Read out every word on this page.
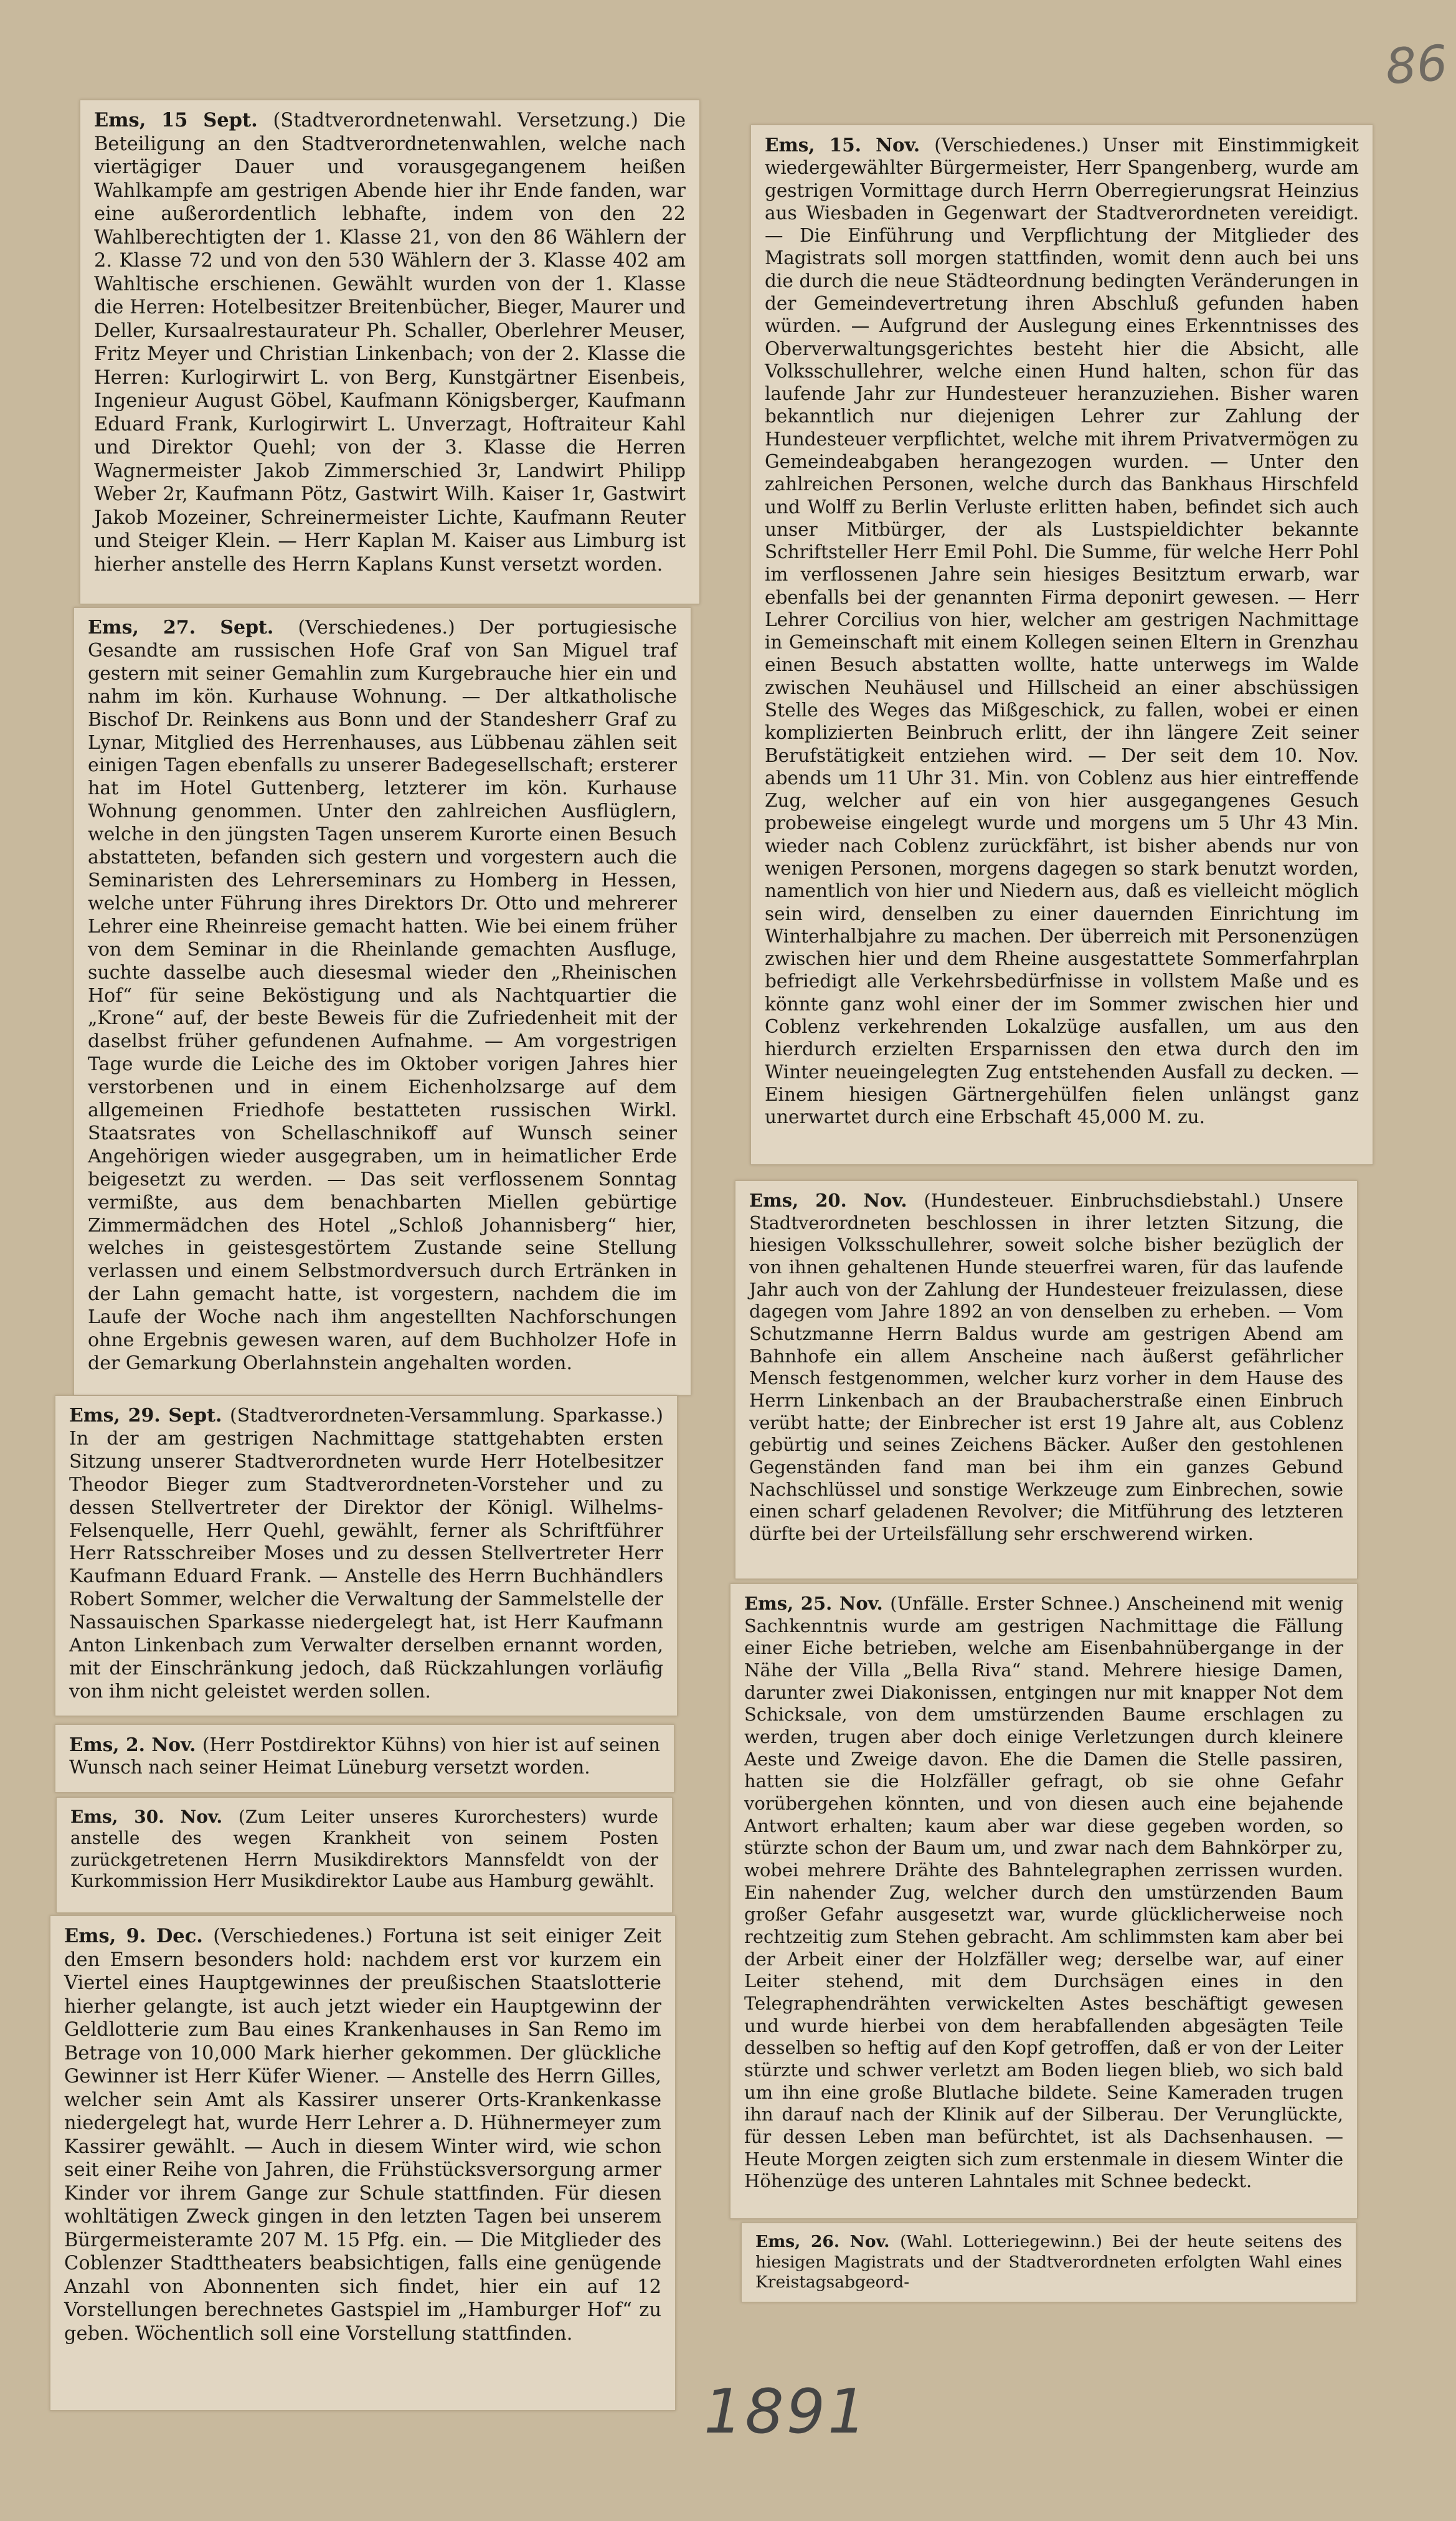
86
Ems, 15 Sept. (Stadtverordnetenwahl. Versetzung.) Die Beteiligung an den Stadtverordnetenwahlen, welche nach viertägiger Dauer und vorausgegangenem heißen Wahlkampfe am gestrigen Abende hier ihr Ende fanden, war eine außerordentlich lebhafte, indem von den 22 Wahlberechtigten der 1. Klasse 21, von den 86 Wählern der 2. Klasse 72 und von den 530 Wählern der 3. Klasse 402 am Wahltische erschienen. Gewählt wurden von der 1. Klasse die Herren: Hotelbesitzer Breitenbücher, Bieger, Maurer und Deller, Kursaalrestaurateur Ph. Schaller, Oberlehrer Meuser, Fritz Meyer und Christian Linkenbach; von der 2. Klasse die Herren: Kurlogirwirt L. von Berg, Kunstgärtner Eisenbeis, Ingenieur August Göbel, Kaufmann Königsberger, Kaufmann Eduard Frank, Kurlogirwirt L. Unverzagt, Hoftraiteur Kahl und Direktor Quehl; von der 3. Klasse die Herren Wagnermeister Jakob Zimmerschied 3r, Landwirt Philipp Weber 2r, Kaufmann Pötz, Gastwirt Wilh. Kaiser 1r, Gastwirt Jakob Mozeiner, Schreinermeister Lichte, Kaufmann Reuter und Steiger Klein. — Herr Kaplan M. Kaiser aus Limburg ist hierher anstelle des Herrn Kaplans Kunst versetzt worden.
Ems, 27. Sept. (Verschiedenes.) Der portugiesische Gesandte am russischen Hofe Graf von San Miguel traf gestern mit seiner Gemahlin zum Kurgebrauche hier ein und nahm im kön. Kurhause Wohnung. — Der altkatholische Bischof Dr. Reinkens aus Bonn und der Standesherr Graf zu Lynar, Mitglied des Herrenhauses, aus Lübbenau zählen seit einigen Tagen ebenfalls zu unserer Badegesellschaft; ersterer hat im Hotel Guttenberg, letzterer im kön. Kurhause Wohnung genommen. Unter den zahlreichen Ausflüglern, welche in den jüngsten Tagen unserem Kurorte einen Besuch abstatteten, befanden sich gestern und vorgestern auch die Seminaristen des Lehrerseminars zu Homberg in Hessen, welche unter Führung ihres Direktors Dr. Otto und mehrerer Lehrer eine Rheinreise gemacht hatten. Wie bei einem früher von dem Seminar in die Rheinlande gemachten Ausfluge, suchte dasselbe auch diesesmal wieder den „Rheinischen Hof“ für seine Beköstigung und als Nachtquartier die „Krone“ auf, der beste Beweis für die Zufriedenheit mit der daselbst früher gefundenen Aufnahme. — Am vorgestrigen Tage wurde die Leiche des im Oktober vorigen Jahres hier verstorbenen und in einem Eichenholzsarge auf dem allgemeinen Friedhofe bestatteten russischen Wirkl. Staatsrates von Schellaschnikoff auf Wunsch seiner Angehörigen wieder ausgegraben, um in heimatlicher Erde beigesetzt zu werden. — Das seit verflossenem Sonntag vermißte, aus dem benachbarten Miellen gebürtige Zimmermädchen des Hotel „Schloß Johannisberg“ hier, welches in geistesgestörtem Zustande seine Stellung verlassen und einem Selbstmordversuch durch Ertränken in der Lahn gemacht hatte, ist vorgestern, nachdem die im Laufe der Woche nach ihm angestellten Nachforschungen ohne Ergebnis gewesen waren, auf dem Buchholzer Hofe in der Gemarkung Oberlahnstein angehalten worden.
Ems, 29. Sept. (Stadtverordneten-Versammlung. Sparkasse.) In der am gestrigen Nachmittage stattgehabten ersten Sitzung unserer Stadtverordneten wurde Herr Hotelbesitzer Theodor Bieger zum Stadtverordneten-Vorsteher und zu dessen Stellvertreter der Direktor der Königl. Wilhelms-Felsenquelle, Herr Quehl, gewählt, ferner als Schriftführer Herr Ratsschreiber Moses und zu dessen Stellvertreter Herr Kaufmann Eduard Frank. — Anstelle des Herrn Buchhändlers Robert Sommer, welcher die Verwaltung der Sammelstelle der Nassauischen Sparkasse niedergelegt hat, ist Herr Kaufmann Anton Linkenbach zum Verwalter derselben ernannt worden, mit der Einschränkung jedoch, daß Rückzahlungen vorläufig von ihm nicht geleistet werden sollen.
Ems, 2. Nov. (Herr Postdirektor Kühns) von hier ist auf seinen Wunsch nach seiner Heimat Lüneburg versetzt worden.
Ems, 30. Nov. (Zum Leiter unseres Kurorchesters) wurde anstelle des wegen Krankheit von seinem Posten zurückgetretenen Herrn Musikdirektors Mannsfeldt von der Kurkommission Herr Musikdirektor Laube aus Hamburg gewählt.
Ems, 9. Dec. (Verschiedenes.) Fortuna ist seit einiger Zeit den Emsern besonders hold: nachdem erst vor kurzem ein Viertel eines Hauptgewinnes der preußischen Staatslotterie hierher gelangte, ist auch jetzt wieder ein Hauptgewinn der Geldlotterie zum Bau eines Krankenhauses in San Remo im Betrage von 10,000 Mark hierher gekommen. Der glückliche Gewinner ist Herr Küfer Wiener. — Anstelle des Herrn Gilles, welcher sein Amt als Kassirer unserer Orts-Krankenkasse niedergelegt hat, wurde Herr Lehrer a. D. Hühnermeyer zum Kassirer gewählt. — Auch in diesem Winter wird, wie schon seit einer Reihe von Jahren, die Frühstücksversorgung armer Kinder vor ihrem Gange zur Schule stattfinden. Für diesen wohltätigen Zweck gingen in den letzten Tagen bei unserem Bürgermeisteramte 207 M. 15 Pfg. ein. — Die Mitglieder des Coblenzer Stadttheaters beabsichtigen, falls eine genügende Anzahl von Abonnenten sich findet, hier ein auf 12 Vorstellungen berechnetes Gastspiel im „Hamburger Hof“ zu geben. Wöchentlich soll eine Vorstellung stattfinden.
Ems, 15. Nov. (Verschiedenes.) Unser mit Einstimmigkeit wiedergewählter Bürgermeister, Herr Spangenberg, wurde am gestrigen Vormittage durch Herrn Oberregierungsrat Heinzius aus Wiesbaden in Gegenwart der Stadtverordneten vereidigt. — Die Einführung und Verpflichtung der Mitglieder des Magistrats soll morgen stattfinden, womit denn auch bei uns die durch die neue Städteordnung bedingten Veränderungen in der Gemeindevertretung ihren Abschluß gefunden haben würden. — Aufgrund der Auslegung eines Erkenntnisses des Oberverwaltungsgerichtes besteht hier die Absicht, alle Volksschullehrer, welche einen Hund halten, schon für das laufende Jahr zur Hundesteuer heranzuziehen. Bisher waren bekanntlich nur diejenigen Lehrer zur Zahlung der Hundesteuer verpflichtet, welche mit ihrem Privatvermögen zu Gemeindeabgaben herangezogen wurden. — Unter den zahlreichen Personen, welche durch das Bankhaus Hirschfeld und Wolff zu Berlin Verluste erlitten haben, befindet sich auch unser Mitbürger, der als Lustspieldichter bekannte Schriftsteller Herr Emil Pohl. Die Summe, für welche Herr Pohl im verflossenen Jahre sein hiesiges Besitztum erwarb, war ebenfalls bei der genannten Firma deponirt gewesen. — Herr Lehrer Corcilius von hier, welcher am gestrigen Nachmittage in Gemeinschaft mit einem Kollegen seinen Eltern in Grenzhau einen Besuch abstatten wollte, hatte unterwegs im Walde zwischen Neuhäusel und Hillscheid an einer abschüssigen Stelle des Weges das Mißgeschick, zu fallen, wobei er einen komplizierten Beinbruch erlitt, der ihn längere Zeit seiner Berufstätigkeit entziehen wird. — Der seit dem 10. Nov. abends um 11 Uhr 31. Min. von Coblenz aus hier eintreffende Zug, welcher auf ein von hier ausgegangenes Gesuch probeweise eingelegt wurde und morgens um 5 Uhr 43 Min. wieder nach Coblenz zurückfährt, ist bisher abends nur von wenigen Personen, morgens dagegen so stark benutzt worden, namentlich von hier und Niedern aus, daß es vielleicht möglich sein wird, denselben zu einer dauernden Einrichtung im Winterhalbjahre zu machen. Der überreich mit Personenzügen zwischen hier und dem Rheine ausgestattete Sommerfahrplan befriedigt alle Verkehrsbedürfnisse in vollstem Maße und es könnte ganz wohl einer der im Sommer zwischen hier und Coblenz verkehrenden Lokalzüge ausfallen, um aus den hierdurch erzielten Ersparnissen den etwa durch den im Winter neueingelegten Zug entstehenden Ausfall zu decken. — Einem hiesigen Gärtnergehülfen fielen unlängst ganz unerwartet durch eine Erbschaft 45,000 M. zu.
Ems, 20. Nov. (Hundesteuer. Einbruchsdiebstahl.) Unsere Stadtverordneten beschlossen in ihrer letzten Sitzung, die hiesigen Volksschullehrer, soweit solche bisher bezüglich der von ihnen gehaltenen Hunde steuerfrei waren, für das laufende Jahr auch von der Zahlung der Hundesteuer freizulassen, diese dagegen vom Jahre 1892 an von denselben zu erheben. — Vom Schutzmanne Herrn Baldus wurde am gestrigen Abend am Bahnhofe ein allem Anscheine nach äußerst gefährlicher Mensch festgenommen, welcher kurz vorher in dem Hause des Herrn Linkenbach an der Braubacherstraße einen Einbruch verübt hatte; der Einbrecher ist erst 19 Jahre alt, aus Coblenz gebürtig und seines Zeichens Bäcker. Außer den gestohlenen Gegenständen fand man bei ihm ein ganzes Gebund Nachschlüssel und sonstige Werkzeuge zum Einbrechen, sowie einen scharf geladenen Revolver; die Mitführung des letzteren dürfte bei der Urteilsfällung sehr erschwerend wirken.
Ems, 25. Nov. (Unfälle. Erster Schnee.) Anscheinend mit wenig Sachkenntnis wurde am gestrigen Nachmittage die Fällung einer Eiche betrieben, welche am Eisenbahnübergange in der Nähe der Villa „Bella Riva“ stand. Mehrere hiesige Damen, darunter zwei Diakonissen, entgingen nur mit knapper Not dem Schicksale, von dem umstürzenden Baume erschlagen zu werden, trugen aber doch einige Verletzungen durch kleinere Aeste und Zweige davon. Ehe die Damen die Stelle passiren, hatten sie die Holzfäller gefragt, ob sie ohne Gefahr vorübergehen könnten, und von diesen auch eine bejahende Antwort erhalten; kaum aber war diese gegeben worden, so stürzte schon der Baum um, und zwar nach dem Bahnkörper zu, wobei mehrere Drähte des Bahntelegraphen zerrissen wurden. Ein nahender Zug, welcher durch den umstürzenden Baum großer Gefahr ausgesetzt war, wurde glücklicherweise noch rechtzeitig zum Stehen gebracht. Am schlimmsten kam aber bei der Arbeit einer der Holzfäller weg; derselbe war, auf einer Leiter stehend, mit dem Durchsägen eines in den Telegraphendrähten verwickelten Astes beschäftigt gewesen und wurde hierbei von dem herabfallenden abgesägten Teile desselben so heftig auf den Kopf getroffen, daß er von der Leiter stürzte und schwer verletzt am Boden liegen blieb, wo sich bald um ihn eine große Blutlache bildete. Seine Kameraden trugen ihn darauf nach der Klinik auf der Silberau. Der Verunglückte, für dessen Leben man befürchtet, ist als Dachsenhausen. — Heute Morgen zeigten sich zum erstenmale in diesem Winter die Höhenzüge des unteren Lahntales mit Schnee bedeckt.
Ems, 26. Nov. (Wahl. Lotteriegewinn.) Bei der heute seitens des hiesigen Magistrats und der Stadtverordneten erfolgten Wahl eines Kreistagsabgeord-
1891
